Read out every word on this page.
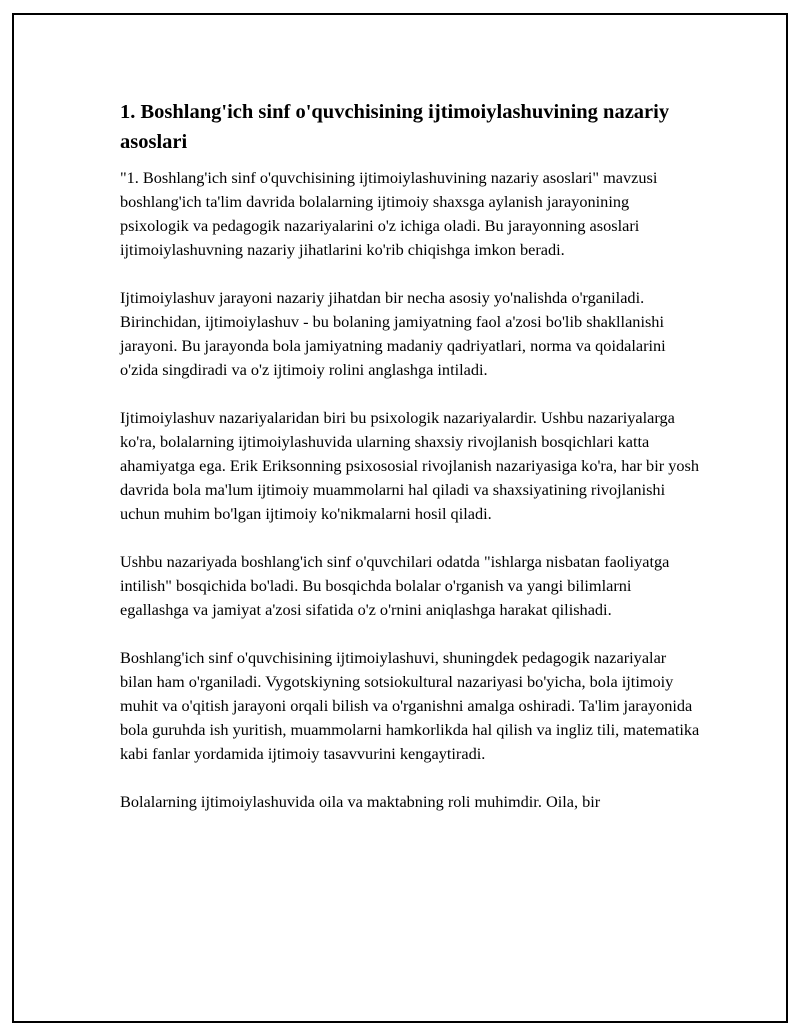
1. Boshlang'ich sinf o'quvchisining ijtimoiylashuvining nazariy asoslari

"1. Boshlang'ich sinf o'quvchisining ijtimoiylashuvining nazariy asoslari" mavzusi boshlang'ich ta'lim davrida bolalarning ijtimoiy shaxsga aylanish jarayonining psixologik va pedagogik nazariyalarini o'z ichiga oladi. Bu jarayonning asoslari ijtimoiylashuvning nazariy jihatlarini ko'rib chiqishga imkon beradi.

Ijtimoiylashuv jarayoni nazariy jihatdan bir necha asosiy yo'nalishda o'rganiladi. Birinchidan, ijtimoiylashuv - bu bolaning jamiyatning faol a'zosi bo'lib shakllanishi jarayoni. Bu jarayonda bola jamiyatning madaniy qadriyatlari, norma va qoidalarini o'zida singdiradi va o'z ijtimoiy rolini anglashga intiladi.

Ijtimoiylashuv nazariyalaridan biri bu psixologik nazariyalardir. Ushbu nazariyalarga ko'ra, bolalarning ijtimoiylashuvida ularning shaxsiy rivojlanish bosqichlari katta ahamiyatga ega. Erik Eriksonning psixososial rivojlanish nazariyasiga ko'ra, har bir yosh davrida bola ma'lum ijtimoiy muammolarni hal qiladi va shaxsiyatining rivojlanishi uchun muhim bo'lgan ijtimoiy ko'nikmalarni hosil qiladi.

Ushbu nazariyada boshlang'ich sinf o'quvchilari odatda "ishlarga nisbatan faoliyatga intilish" bosqichida bo'ladi. Bu bosqichda bolalar o'rganish va yangi bilimlarni egallashga va jamiyat a'zosi sifatida o'z o'rnini aniqlashga harakat qilishadi.

Boshlang'ich sinf o'quvchisining ijtimoiylashuvi, shuningdek pedagogik nazariyalar bilan ham o'rganiladi. Vygotskiyning sotsiokultural nazariyasi bo'yicha, bola ijtimoiy muhit va o'qitish jarayoni orqali bilish va o'rganishni amalga oshiradi. Ta'lim jarayonida bola guruhda ish yuritish, muammolarni hamkorlikda hal qilish va ingliz tili, matematika kabi fanlar yordamida ijtimoiy tasavvurini kengaytiradi.

Bolalarning ijtimoiylashuvida oila va maktabning roli muhimdir. Oila, bir
